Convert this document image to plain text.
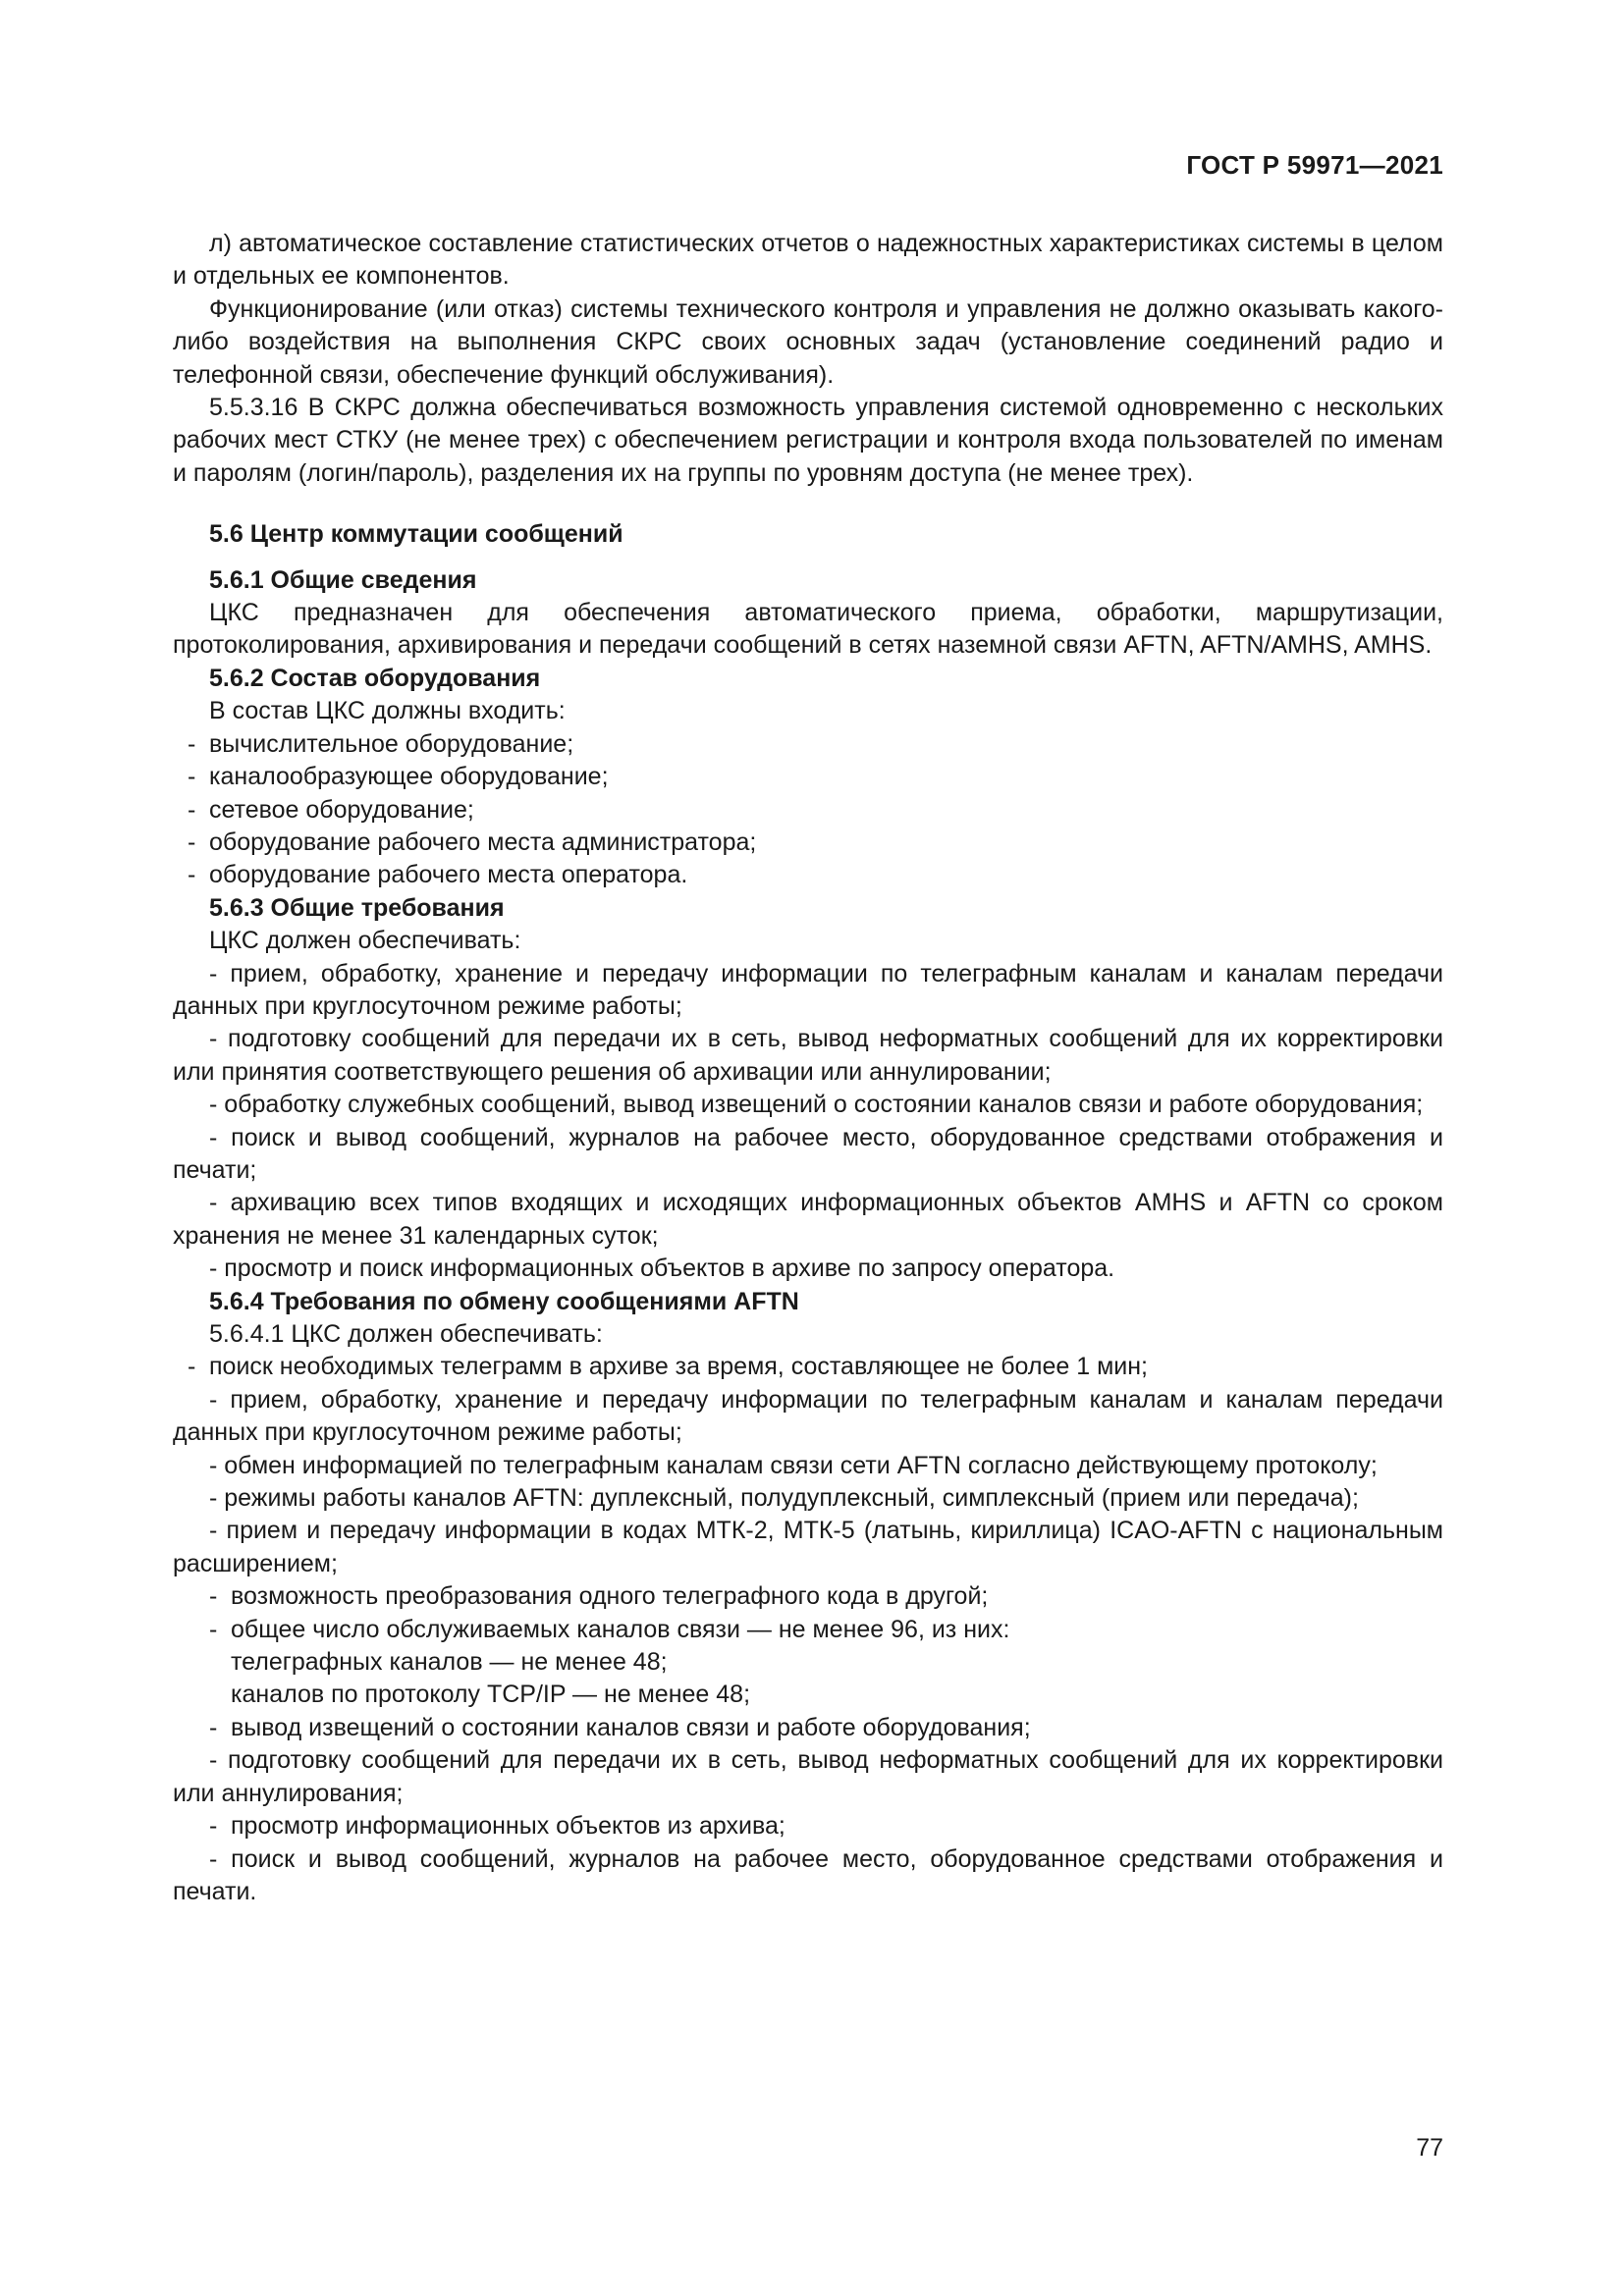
ГОСТ Р 59971—2021

л) автоматическое составление статистических отчетов о надежностных характеристиках системы в целом и отдельных ее компонентов.

Функционирование (или отказ) системы технического контроля и управления не должно оказывать какого-либо воздействия на выполнения СКРС своих основных задач (установление соединений радио и телефонной связи, обеспечение функций обслуживания).

5.5.3.16 В СКРС должна обеспечиваться возможность управления системой одновременно с нескольких рабочих мест СТКУ (не менее трех) с обеспечением регистрации и контроля входа пользователей по именам и паролям (логин/пароль), разделения их на группы по уровням доступа (не менее трех).

5.6 Центр коммутации сообщений

5.6.1 Общие сведения

ЦКС предназначен для обеспечения автоматического приема, обработки, маршрутизации, протоколирования, архивирования и передачи сообщений в сетях наземной связи AFTN, AFTN/AMHS, AMHS.

5.6.2 Состав оборудования

В состав ЦКС должны входить:

- вычислительное оборудование;

- каналообразующее оборудование;

- сетевое оборудование;

- оборудование рабочего места администратора;

- оборудование рабочего места оператора.

5.6.3 Общие требования

ЦКС должен обеспечивать:

- прием, обработку, хранение и передачу информации по телеграфным каналам и каналам передачи данных при круглосуточном режиме работы;

- подготовку сообщений для передачи их в сеть, вывод неформатных сообщений для их корректировки или принятия соответствующего решения об архивации или аннулировании;

- обработку служебных сообщений, вывод извещений о состоянии каналов связи и работе оборудования;

- поиск и вывод сообщений, журналов на рабочее место, оборудованное средствами отображения и печати;

- архивацию всех типов входящих и исходящих информационных объектов AMHS и AFTN со сроком хранения не менее 31 календарных суток;

- просмотр и поиск информационных объектов в архиве по запросу оператора.

5.6.4 Требования по обмену сообщениями AFTN

5.6.4.1 ЦКС должен обеспечивать:

- поиск необходимых телеграмм в архиве за время, составляющее не более 1 мин;

- прием, обработку, хранение и передачу информации по телеграфным каналам и каналам передачи данных при круглосуточном режиме работы;

- обмен информацией по телеграфным каналам связи сети AFTN согласно действующему протоколу;

- режимы работы каналов AFTN: дуплексный, полудуплексный, симплексный (прием или передача);

- прием и передачу информации в кодах МТК-2, МТК-5 (латынь, кириллица) ICAO-AFTN с национальным расширением;

- возможность преобразования одного телеграфного кода в другой;

- общее число обслуживаемых каналов связи — не менее 96, из них:

телеграфных каналов — не менее 48;

каналов по протоколу TCP/IP — не менее 48;

- вывод извещений о состоянии каналов связи и работе оборудования;

- подготовку сообщений для передачи их в сеть, вывод неформатных сообщений для их корректировки или аннулирования;

- просмотр информационных объектов из архива;

- поиск и вывод сообщений, журналов на рабочее место, оборудованное средствами отображения и печати.

77
